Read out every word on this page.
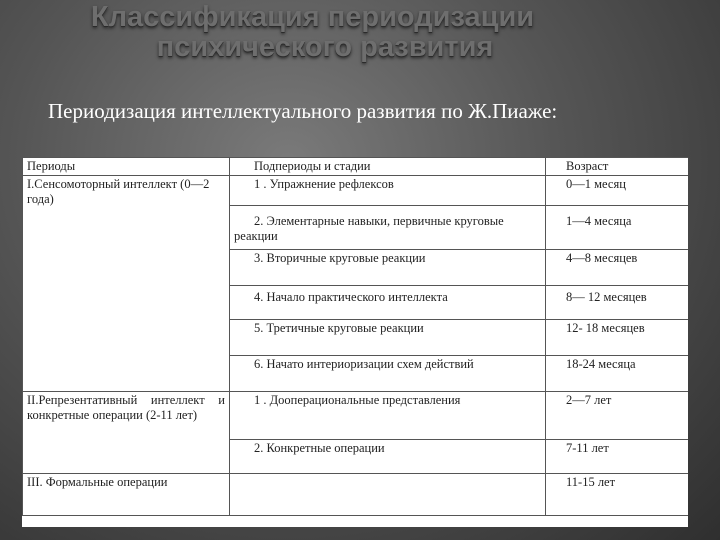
Классификация периодизации
психического развития
Периодизация интеллектуального развития по Ж.Пиаже:
Периоды	Подпериоды и стадии	Возраст

I.Сенсомоторный интеллект (0—2 года)	1 . Упражнение рефлексов	0—1 месяц

	2. Элементарные навыки, первичные круговые реакции	1—4 месяца
	3. Вторичные круговые реакции	4—8 месяцев
	4. Начало практического интеллекта	8— 12 месяцев
	5. Третичные круговые реакции	12- 18 месяцев

	6. Начато интериоризации схем действий	18-24 месяца

II.Репрезентативный интеллект и конкретные операции (2-11 лет)	1 . Дооперациональные представления	2—7 лет
	2. Конкретные операции	7-11 лет

III. Формальные операции		11-15 лет
